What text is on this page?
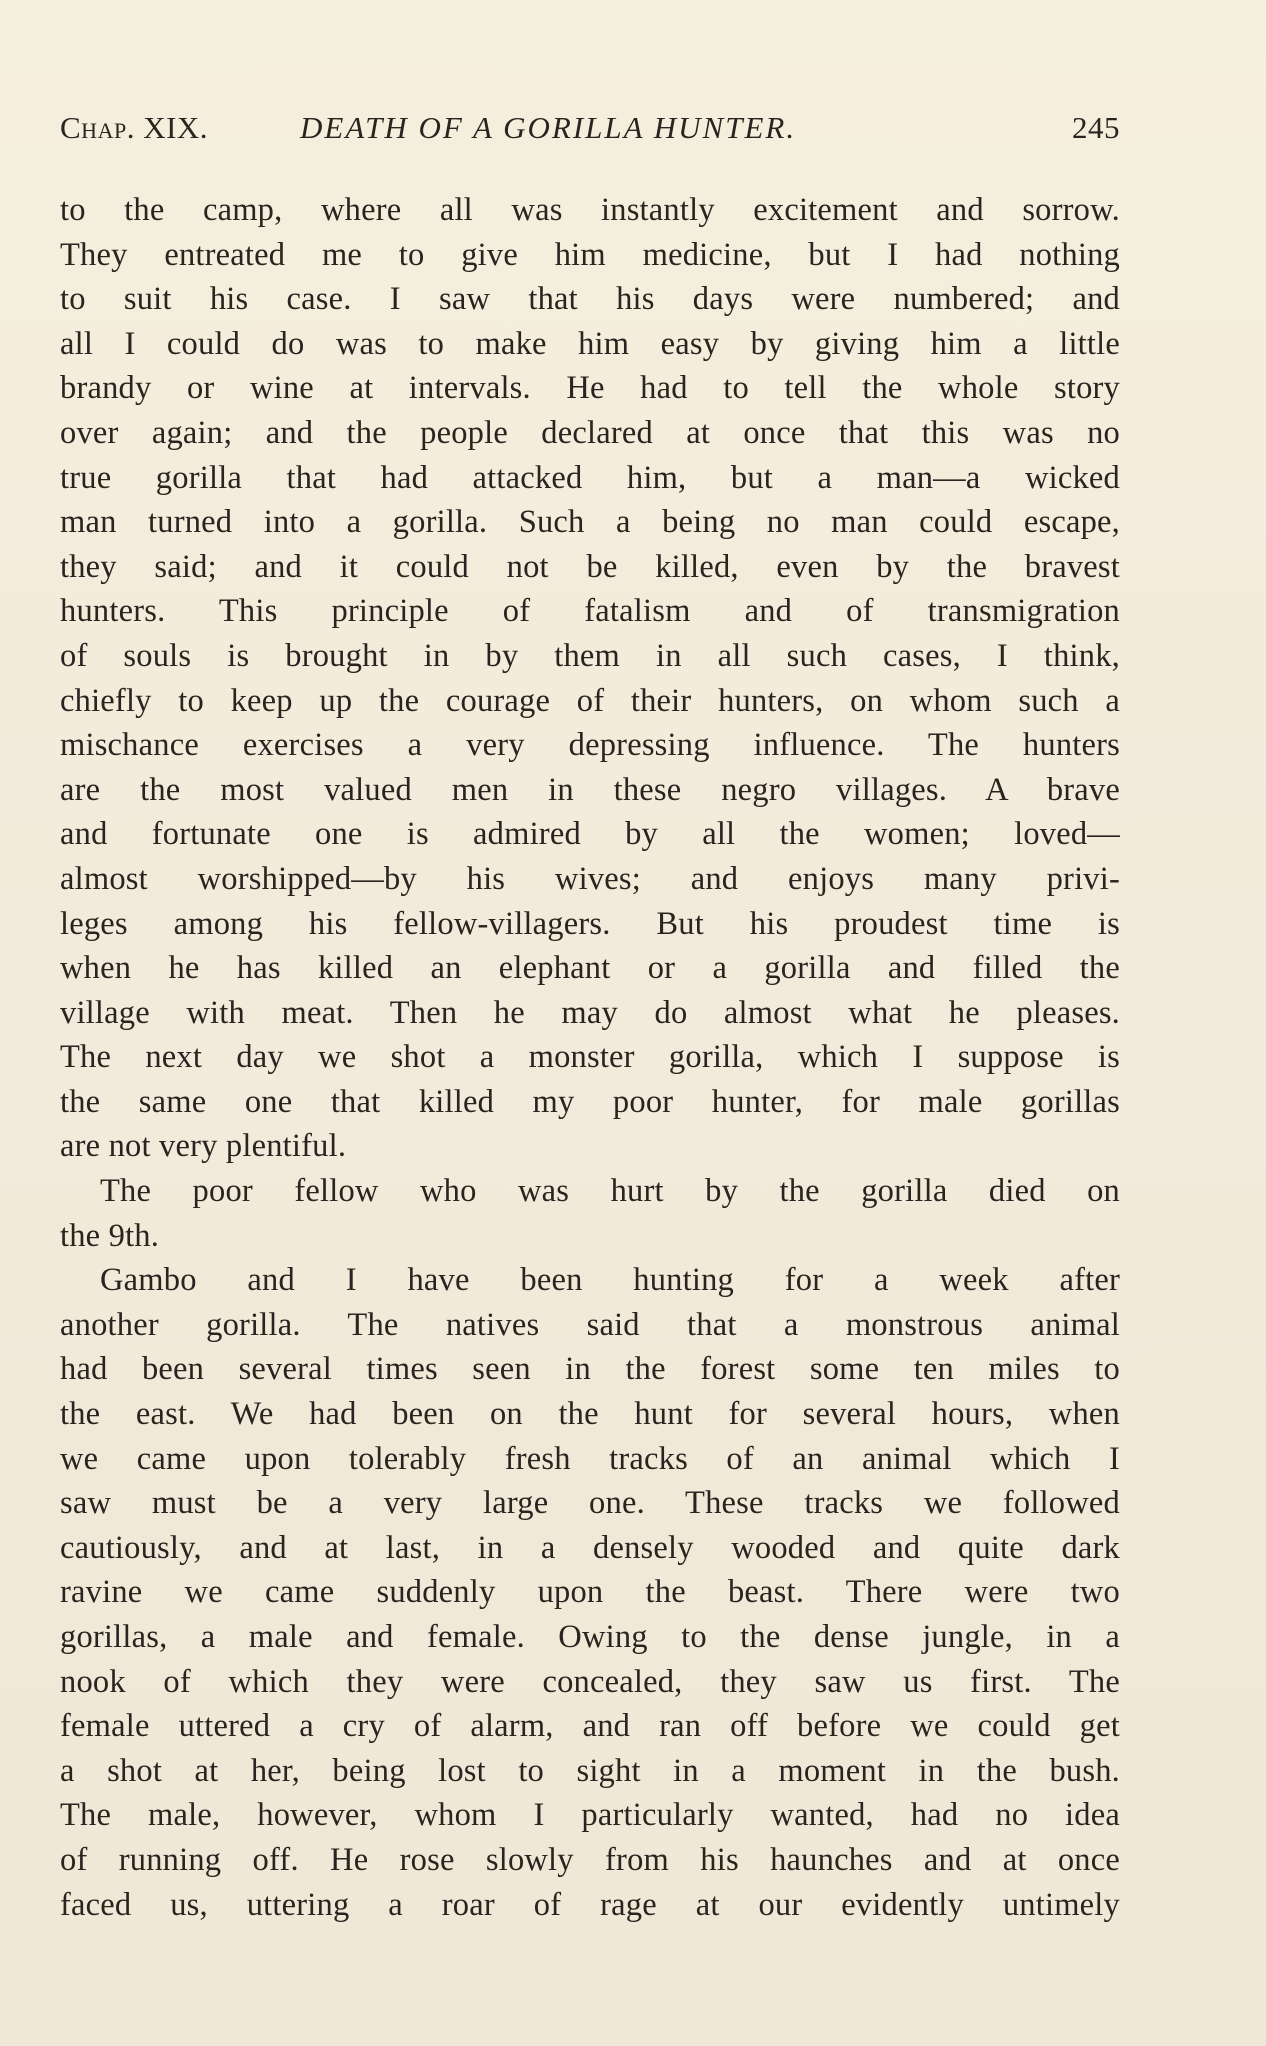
Chap. XIX.	DEATH OF A GORILLA HUNTER.	245
to the camp, where all was instantly excitement and sorrow.
They entreated me to give him medicine, but I had nothing
to suit his case. I saw that his days were numbered; and
all I could do was to make him easy by giving him a little
brandy or wine at intervals. He had to tell the whole story
over again; and the people declared at once that this was no
true gorilla that had attacked him, but a man—a wicked
man turned into a gorilla. Such a being no man could escape,
they said; and it could not be killed, even by the bravest
hunters. This principle of fatalism and of transmigration
of souls is brought in by them in all such cases, I think,
chiefly to keep up the courage of their hunters, on whom such a
mischance exercises a very depressing influence. The hunters
are the most valued men in these negro villages. A brave
and fortunate one is admired by all the women; loved—
almost worshipped—by his wives; and enjoys many privi-
leges among his fellow-villagers. But his proudest time is
when he has killed an elephant or a gorilla and filled the
village with meat. Then he may do almost what he pleases.
The next day we shot a monster gorilla, which I suppose is
the same one that killed my poor hunter, for male gorillas
are not very plentiful.
The poor fellow who was hurt by the gorilla died on
the 9th.
Gambo and I have been hunting for a week after
another gorilla. The natives said that a monstrous animal
had been several times seen in the forest some ten miles to
the east. We had been on the hunt for several hours, when
we came upon tolerably fresh tracks of an animal which I
saw must be a very large one. These tracks we followed
cautiously, and at last, in a densely wooded and quite dark
ravine we came suddenly upon the beast. There were two
gorillas, a male and female. Owing to the dense jungle, in a
nook of which they were concealed, they saw us first. The
female uttered a cry of alarm, and ran off before we could get
a shot at her, being lost to sight in a moment in the bush.
The male, however, whom I particularly wanted, had no idea
of running off. He rose slowly from his haunches and at once
faced us, uttering a roar of rage at our evidently untimely
